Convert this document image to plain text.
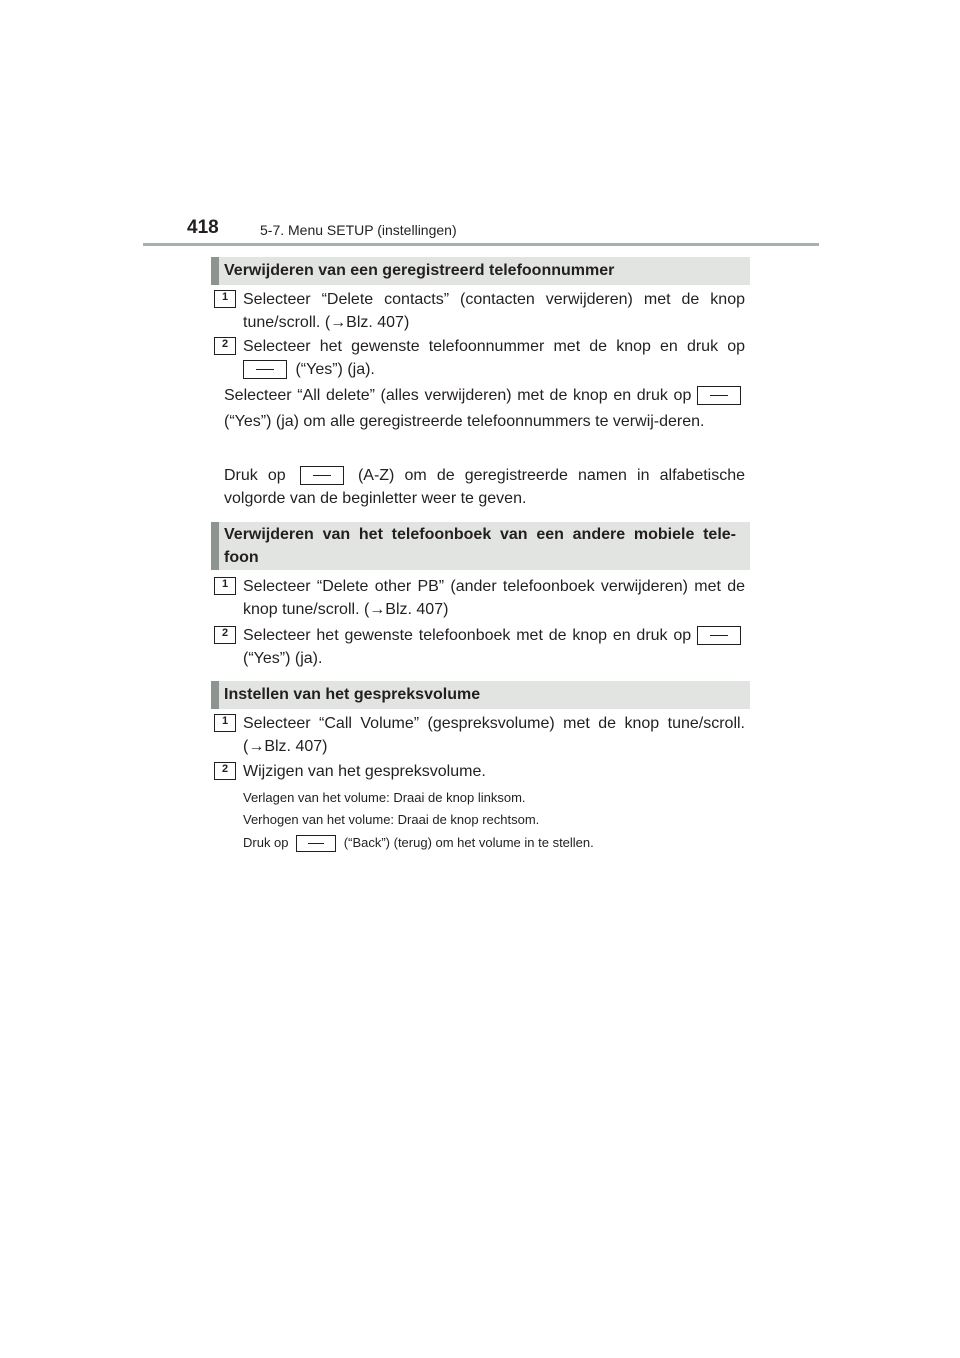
418	5-7. Menu SETUP (instellingen)
Verwijderen van een geregistreerd telefoonnummer
1 Selecteer “Delete contacts” (contacten verwijderen) met de knop tune/scroll. (→Blz. 407)
2 Selecteer het gewenste telefoonnummer met de knop en druk op  (“Yes”) (ja).
Selecteer “All delete” (alles verwijderen) met de knop en druk op  (“Yes”) (ja) om alle geregistreerde telefoonnummers te verwij-deren.
Druk op	(A-Z) om de geregistreerde namen in alfabetische volgorde van de beginletter weer te geven.
Verwijderen van het telefoonboek van een andere mobiele tele-foon
1 Selecteer “Delete other PB” (ander telefoonboek verwijderen) met de knop tune/scroll. (→Blz. 407)
2 Selecteer het gewenste telefoonboek met de knop en druk op  (“Yes”) (ja).
Instellen van het gespreksvolume
1 Selecteer “Call Volume” (gespreksvolume) met de knop tune/scroll. (→Blz. 407)
2 Wijzigen van het gespreksvolume.
Verlagen van het volume: Draai de knop linksom.
Verhogen van het volume: Draai de knop rechtsom.
Druk op	(“Back”) (terug) om het volume in te stellen.
